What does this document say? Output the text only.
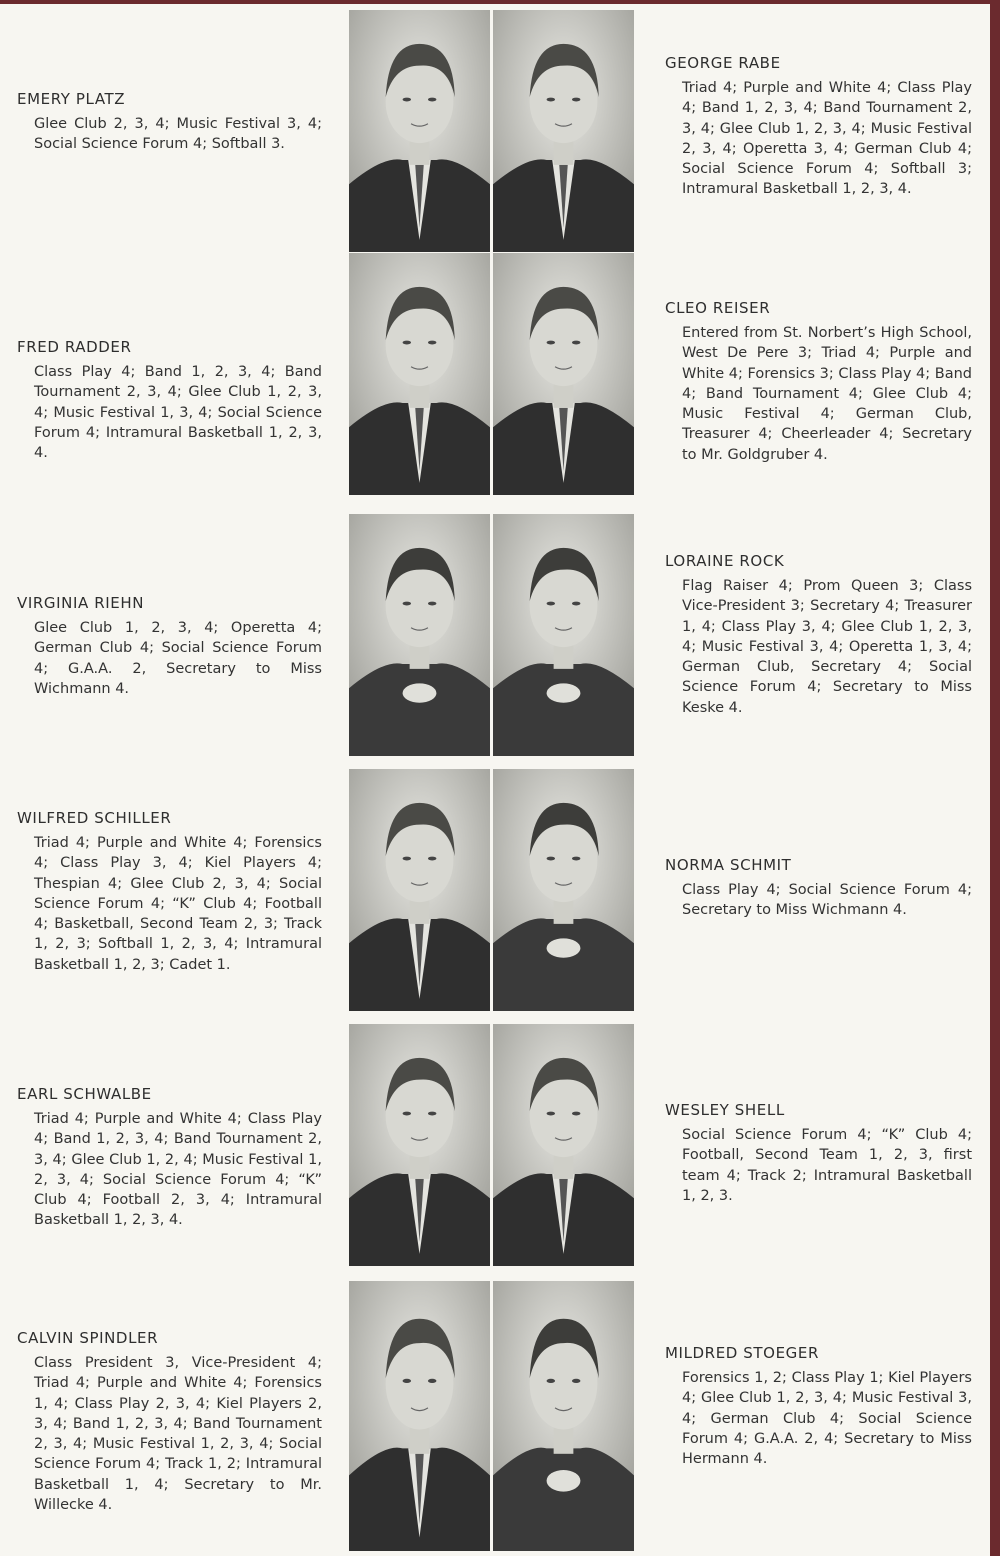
EMERY PLATZ

Glee Club 2, 3, 4; Music Festival 3, 4; Social Science Forum 4; Softball 3.

FRED RADDER

Class Play 4; Band 1, 2, 3, 4; Band Tournament 2, 3, 4; Glee Club 1, 2, 3, 4; Music Festival 1, 3, 4; Social Science Forum 4; Intramural Basketball 1, 2, 3, 4.

VIRGINIA RIEHN

Glee Club 1, 2, 3, 4; Operetta 4; German Club 4; Social Science Forum 4; G.A.A. 2, Secretary to Miss Wichmann 4.

WILFRED SCHILLER

Triad 4; Purple and White 4; Forensics 4; Class Play 3, 4; Kiel Players 4; Thespian 4; Glee Club 2, 3, 4; Social Science Forum 4; “K” Club 4; Football 4; Basketball, Second Team 2, 3; Track 1, 2, 3; Softball 1, 2, 3, 4; Intramural Basketball 1, 2, 3; Cadet 1.

EARL SCHWALBE

Triad 4; Purple and White 4; Class Play 4; Band 1, 2, 3, 4; Band Tournament 2, 3, 4; Glee Club 1, 2, 4; Music Festival 1, 2, 3, 4; Social Science Forum 4; “K” Club 4; Football 2, 3, 4; Intramural Basketball 1, 2, 3, 4.

CALVIN SPINDLER

Class President 3, Vice-President 4; Triad 4; Purple and White 4; Forensics 1, 4; Class Play 2, 3, 4; Kiel Players 2, 3, 4; Band 1, 2, 3, 4; Band Tournament 2, 3, 4; Music Festival 1, 2, 3, 4; Social Science Forum 4; Track 1, 2; Intramural Basketball 1, 4; Secretary to Mr. Willecke 4.

GEORGE RABE

Triad 4; Purple and White 4; Class Play 4; Band 1, 2, 3, 4; Band Tournament 2, 3, 4; Glee Club 1, 2, 3, 4; Music Festival 2, 3, 4; Operetta 3, 4; German Club 4; Social Science Forum 4; Softball 3; Intramural Basketball 1, 2, 3, 4.

CLEO REISER

Entered from St. Norbert’s High School, West De Pere 3; Triad 4; Purple and White 4; Forensics 3; Class Play 4; Band 4; Band Tournament 4; Glee Club 4; Music Festival 4; German Club, Treasurer 4; Cheerleader 4; Secretary to Mr. Goldgruber 4.

LORAINE ROCK

Flag Raiser 4; Prom Queen 3; Class Vice-President 3; Secretary 4; Treasurer 1, 4; Class Play 3, 4; Glee Club 1, 2, 3, 4; Music Festival 3, 4; Operetta 1, 3, 4; German Club, Secretary 4; Social Science Forum 4; Secretary to Miss Keske 4.

NORMA SCHMIT

Class Play 4; Social Science Forum 4; Secretary to Miss Wichmann 4.

WESLEY SHELL

Social Science Forum 4; “K” Club 4; Football, Second Team 1, 2, 3, first team 4; Track 2; Intramural Basketball 1, 2, 3.

MILDRED STOEGER

Forensics 1, 2; Class Play 1; Kiel Players 4; Glee Club 1, 2, 3, 4; Music Festival 3, 4; German Club 4; Social Science Forum 4; G.A.A. 2, 4; Secretary to Miss Hermann 4.
